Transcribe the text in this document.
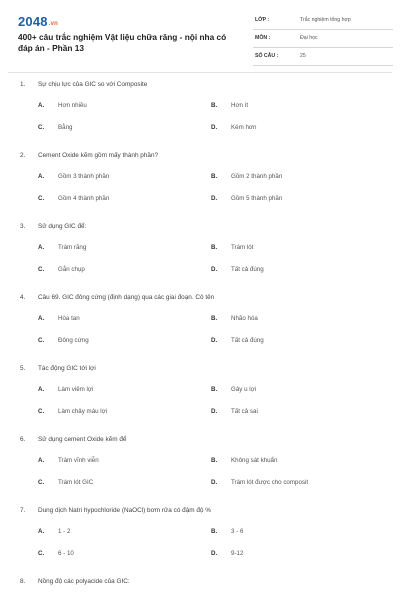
2048.vn
400+ câu trắc nghiệm Vật liệu chữa răng - nội nha có đáp án - Phần 13
LỚP :	Trắc nghiệm tổng hợp
MÔN :	Đại học
SỐ CÂU :	25
1. Sự chịu lực của GIC so với Composite
A. Hơn nhiều	B. Hơn ít
C. Bằng	D. Kém hơn
2. Cement Oxide kẽm gồm mấy thành phần?
A. Gồm 3 thành phần	B. Gồm 2 thành phần
C. Gồm 4 thành phần	D. Gồm 5 thành phần
3. Sử dụng GIC để:
A. Trám răng	B. Trám lót
C. Gắn chụp	D. Tất cả đúng
4. Câu 69. GIC đông cứng (định dạng) qua các giai đoạn. Cô tên
A. Hòa tan	B. Nhão hóa
C. Đông cứng	D. Tất cả đúng
5. Tác động GIC tới lợi
A. Làm viêm lợi	B. Gây u lợi
C. Làm chảy máu lợi	D. Tất cả sai
6. Sử dụng cement Oxide kẽm để
A. Trám vĩnh viễn	B. Không sát khuẩn
C. Trám lót GIC	D. Trám lót được cho composit
7. Dung dịch Natri hypochloride (NaOCl) bơm rửa có đậm độ %
A. 1 - 2	B. 3 - 6
C. 6 - 10	D. 9-12
8. Nồng độ các polyacide của GIC:
